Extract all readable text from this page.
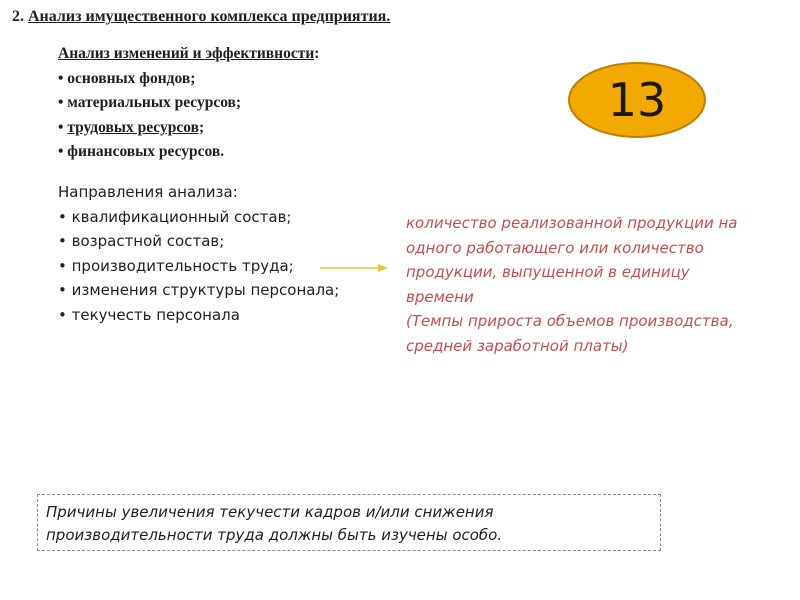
2. Анализ имущественного комплекса предприятия.
Анализ изменений и эффективности:
• основных фондов;
• материальных ресурсов;
• трудовых ресурсов;
• финансовых ресурсов.
13
Направления анализа:
• квалификационный состав;
• возрастной состав;
• производительность труда;
• изменения структуры персонала;
• текучесть персонала
количество реализованной продукции на
одного работающего или количество
продукции, выпущенной в единицу
времени
(Темпы прироста объемов производства,
средней заработной платы)
Причины увеличения текучести кадров и/или снижения
производительности труда должны быть изучены особо.
